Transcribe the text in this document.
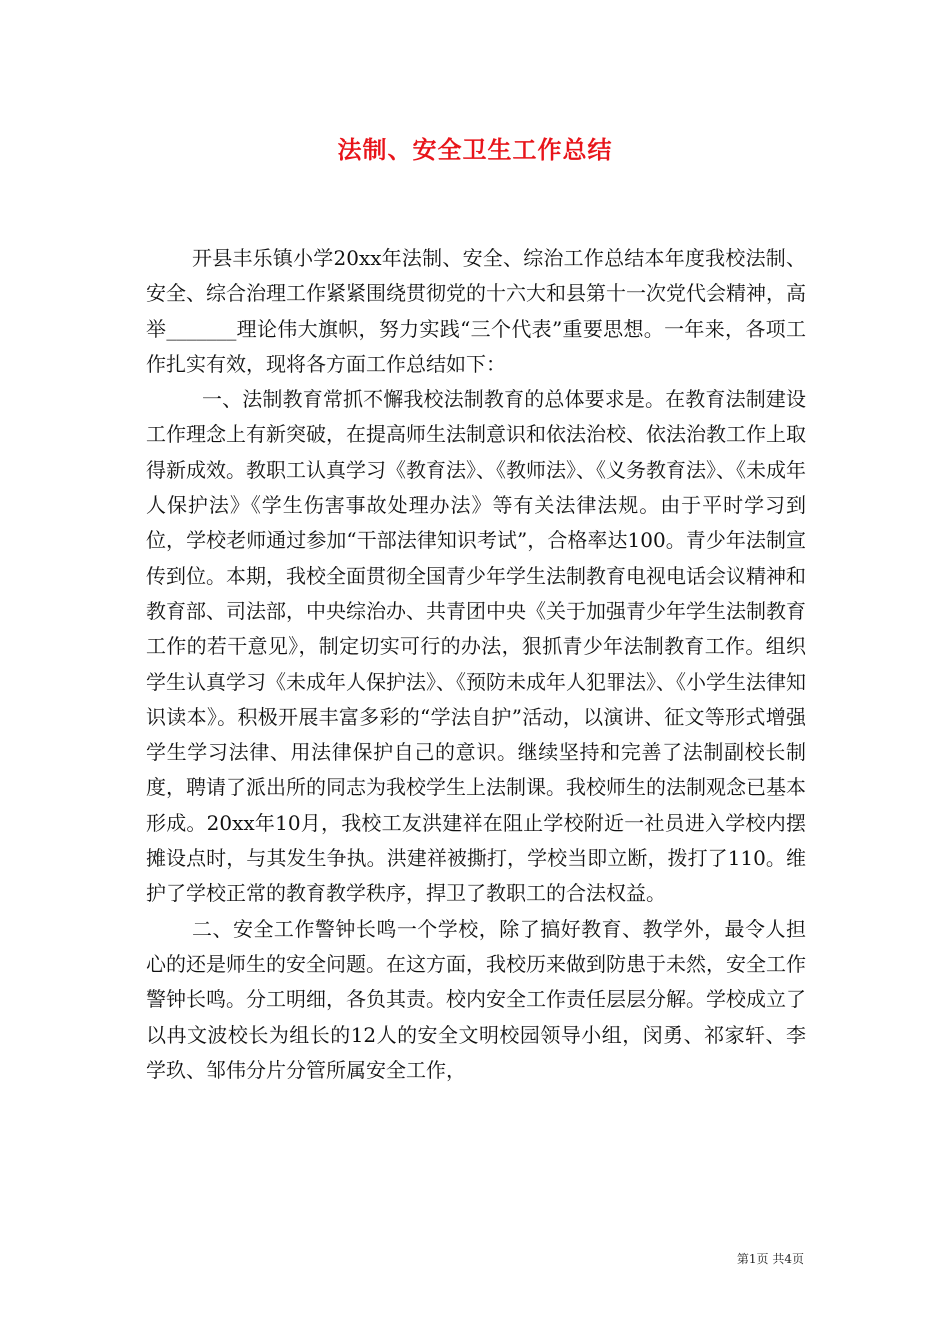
法制、安全卫生工作总结

开县丰乐镇小学20xx年法制、安全、综治工作总结本年度我校法制、安全、综合治理工作紧紧围绕贯彻党的十六大和县第十一次党代会精神，高举_______理论伟大旗帜，努力实践“三个代表”重要思想。一年来，各项工作扎实有效，现将各方面工作总结如下：

一、法制教育常抓不懈我校法制教育的总体要求是。在教育法制建设工作理念上有新突破，在提高师生法制意识和依法治校、依法治教工作上取得新成效。教职工认真学习《教育法》、《教师法》、《义务教育法》、《未成年人保护法》《学生伤害事故处理办法》等有关法律法规。由于平时学习到位，学校老师通过参加“干部法律知识考试”，合格率达100。青少年法制宣传到位。本期，我校全面贯彻全国青少年学生法制教育电视电话会议精神和教育部、司法部，中央综治办、共青团中央《关于加强青少年学生法制教育工作的若干意见》，制定切实可行的办法，狠抓青少年法制教育工作。组织学生认真学习《未成年人保护法》、《预防未成年人犯罪法》、《小学生法律知识读本》。积极开展丰富多彩的“学法自护”活动，以演讲、征文等形式增强学生学习法律、用法律保护自己的意识。继续坚持和完善了法制副校长制度，聘请了派出所的同志为我校学生上法制课。我校师生的法制观念已基本形成。20xx年10月，我校工友洪建祥在阻止学校附近一社员进入学校内摆摊设点时，与其发生争执。洪建祥被撕打，学校当即立断，拨打了110。维护了学校正常的教育教学秩序，捍卫了教职工的合法权益。

二、安全工作警钟长鸣一个学校，除了搞好教育、教学外，最令人担心的还是师生的安全问题。在这方面，我校历来做到防患于未然，安全工作警钟长鸣。分工明细，各负其责。校内安全工作责任层层分解。学校成立了以冉文波校长为组长的12人的安全文明校园领导小组，闵勇、祁家轩、李学玖、邹伟分片分管所属安全工作，

第1页 共4页
